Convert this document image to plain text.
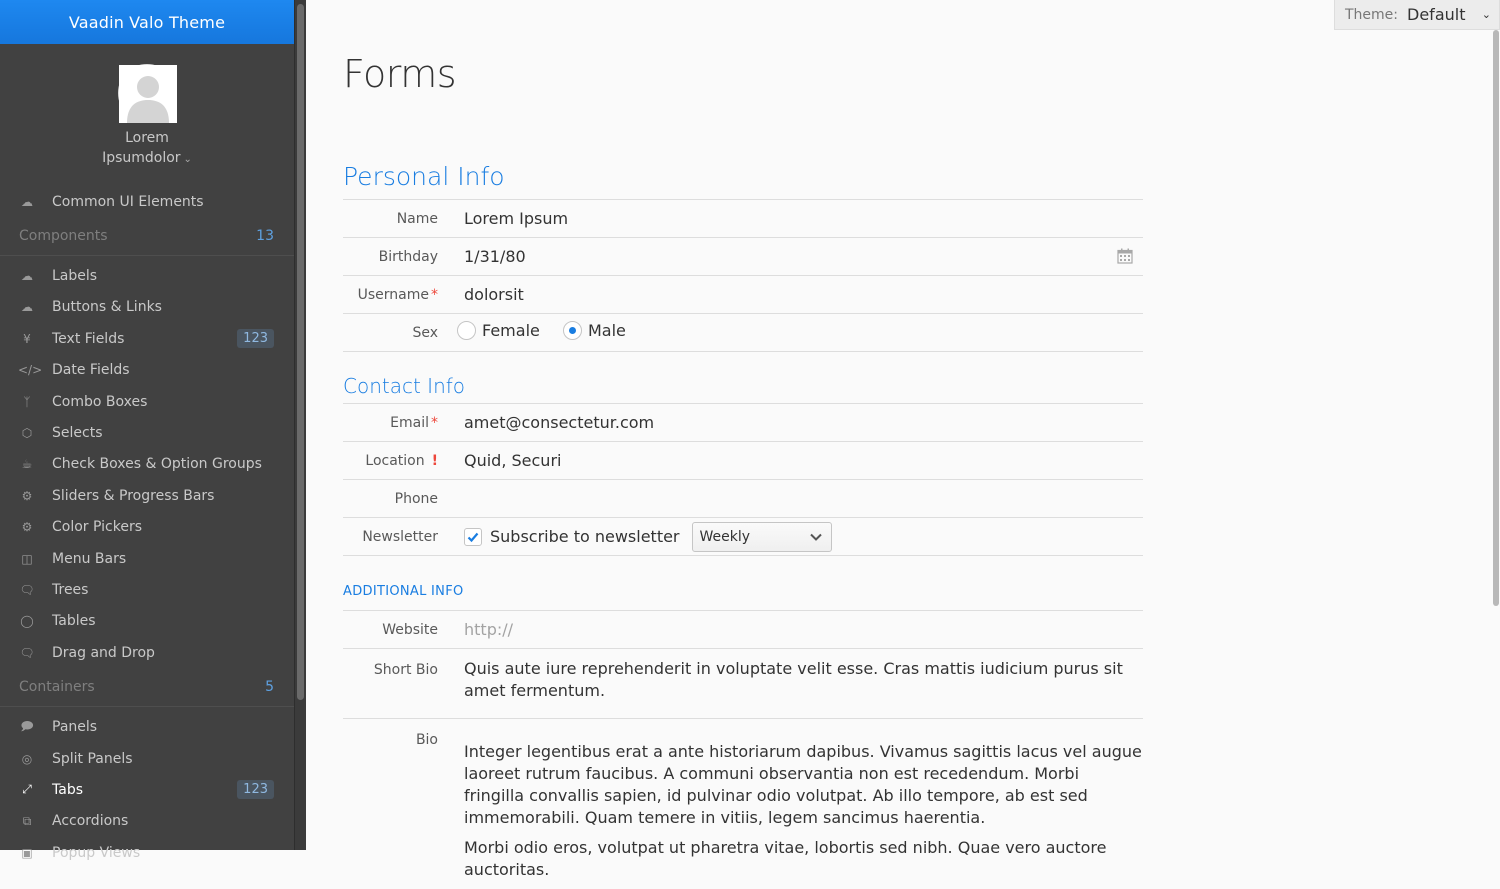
Vaadin Valo Theme
Lorem
Ipsumdolor ⌄
☁ Common UI Elements
Components	13
☁ Labels
☁ Buttons & Links
¥	Text Fields	123
</> Date Fields
ᛉ	Combo Boxes
⬡ Selects
☕ Check Boxes & Option Groups
⚙ Sliders & Progress Bars
⚙ Color Pickers
◫ Menu Bars
🗨 Trees
◯ Tables
🗨 Drag and Drop
Containers	5
🗩 Panels
◎ Split Panels
⤢	Tabs	123
⧉	Accordions
▣ Popup Views
Theme: Default	⌄
Forms
Personal Info
Name Lorem Ipsum
Birthday 1/31/80
Username * dolorsit
Sex	Female
	Male
Contact Info
Email * amet@consectetur.com
Location ! Quid, Securi
Phone
Newsletter	Subscribe to newsletter Weekly
ADDITIONAL INFO
Website http://
Short Bio Quis aute iure reprehenderit in voluptate velit esse. Cras mattis iudicium purus sit amet fermentum.
Bio

Integer legentibus erat a ante historiarum dapibus. Vivamus sagittis lacus vel augue laoreet rutrum faucibus. A communi observantia non est recedendum. Morbi fringilla convallis sapien, id pulvinar odio volutpat. Ab illo tempore, ab est sed immemorabili. Quam temere in vitiis, legem sancimus haerentia.

Morbi odio eros, volutpat ut pharetra vitae, lobortis sed nibh. Quae vero auctore auctoritas.
